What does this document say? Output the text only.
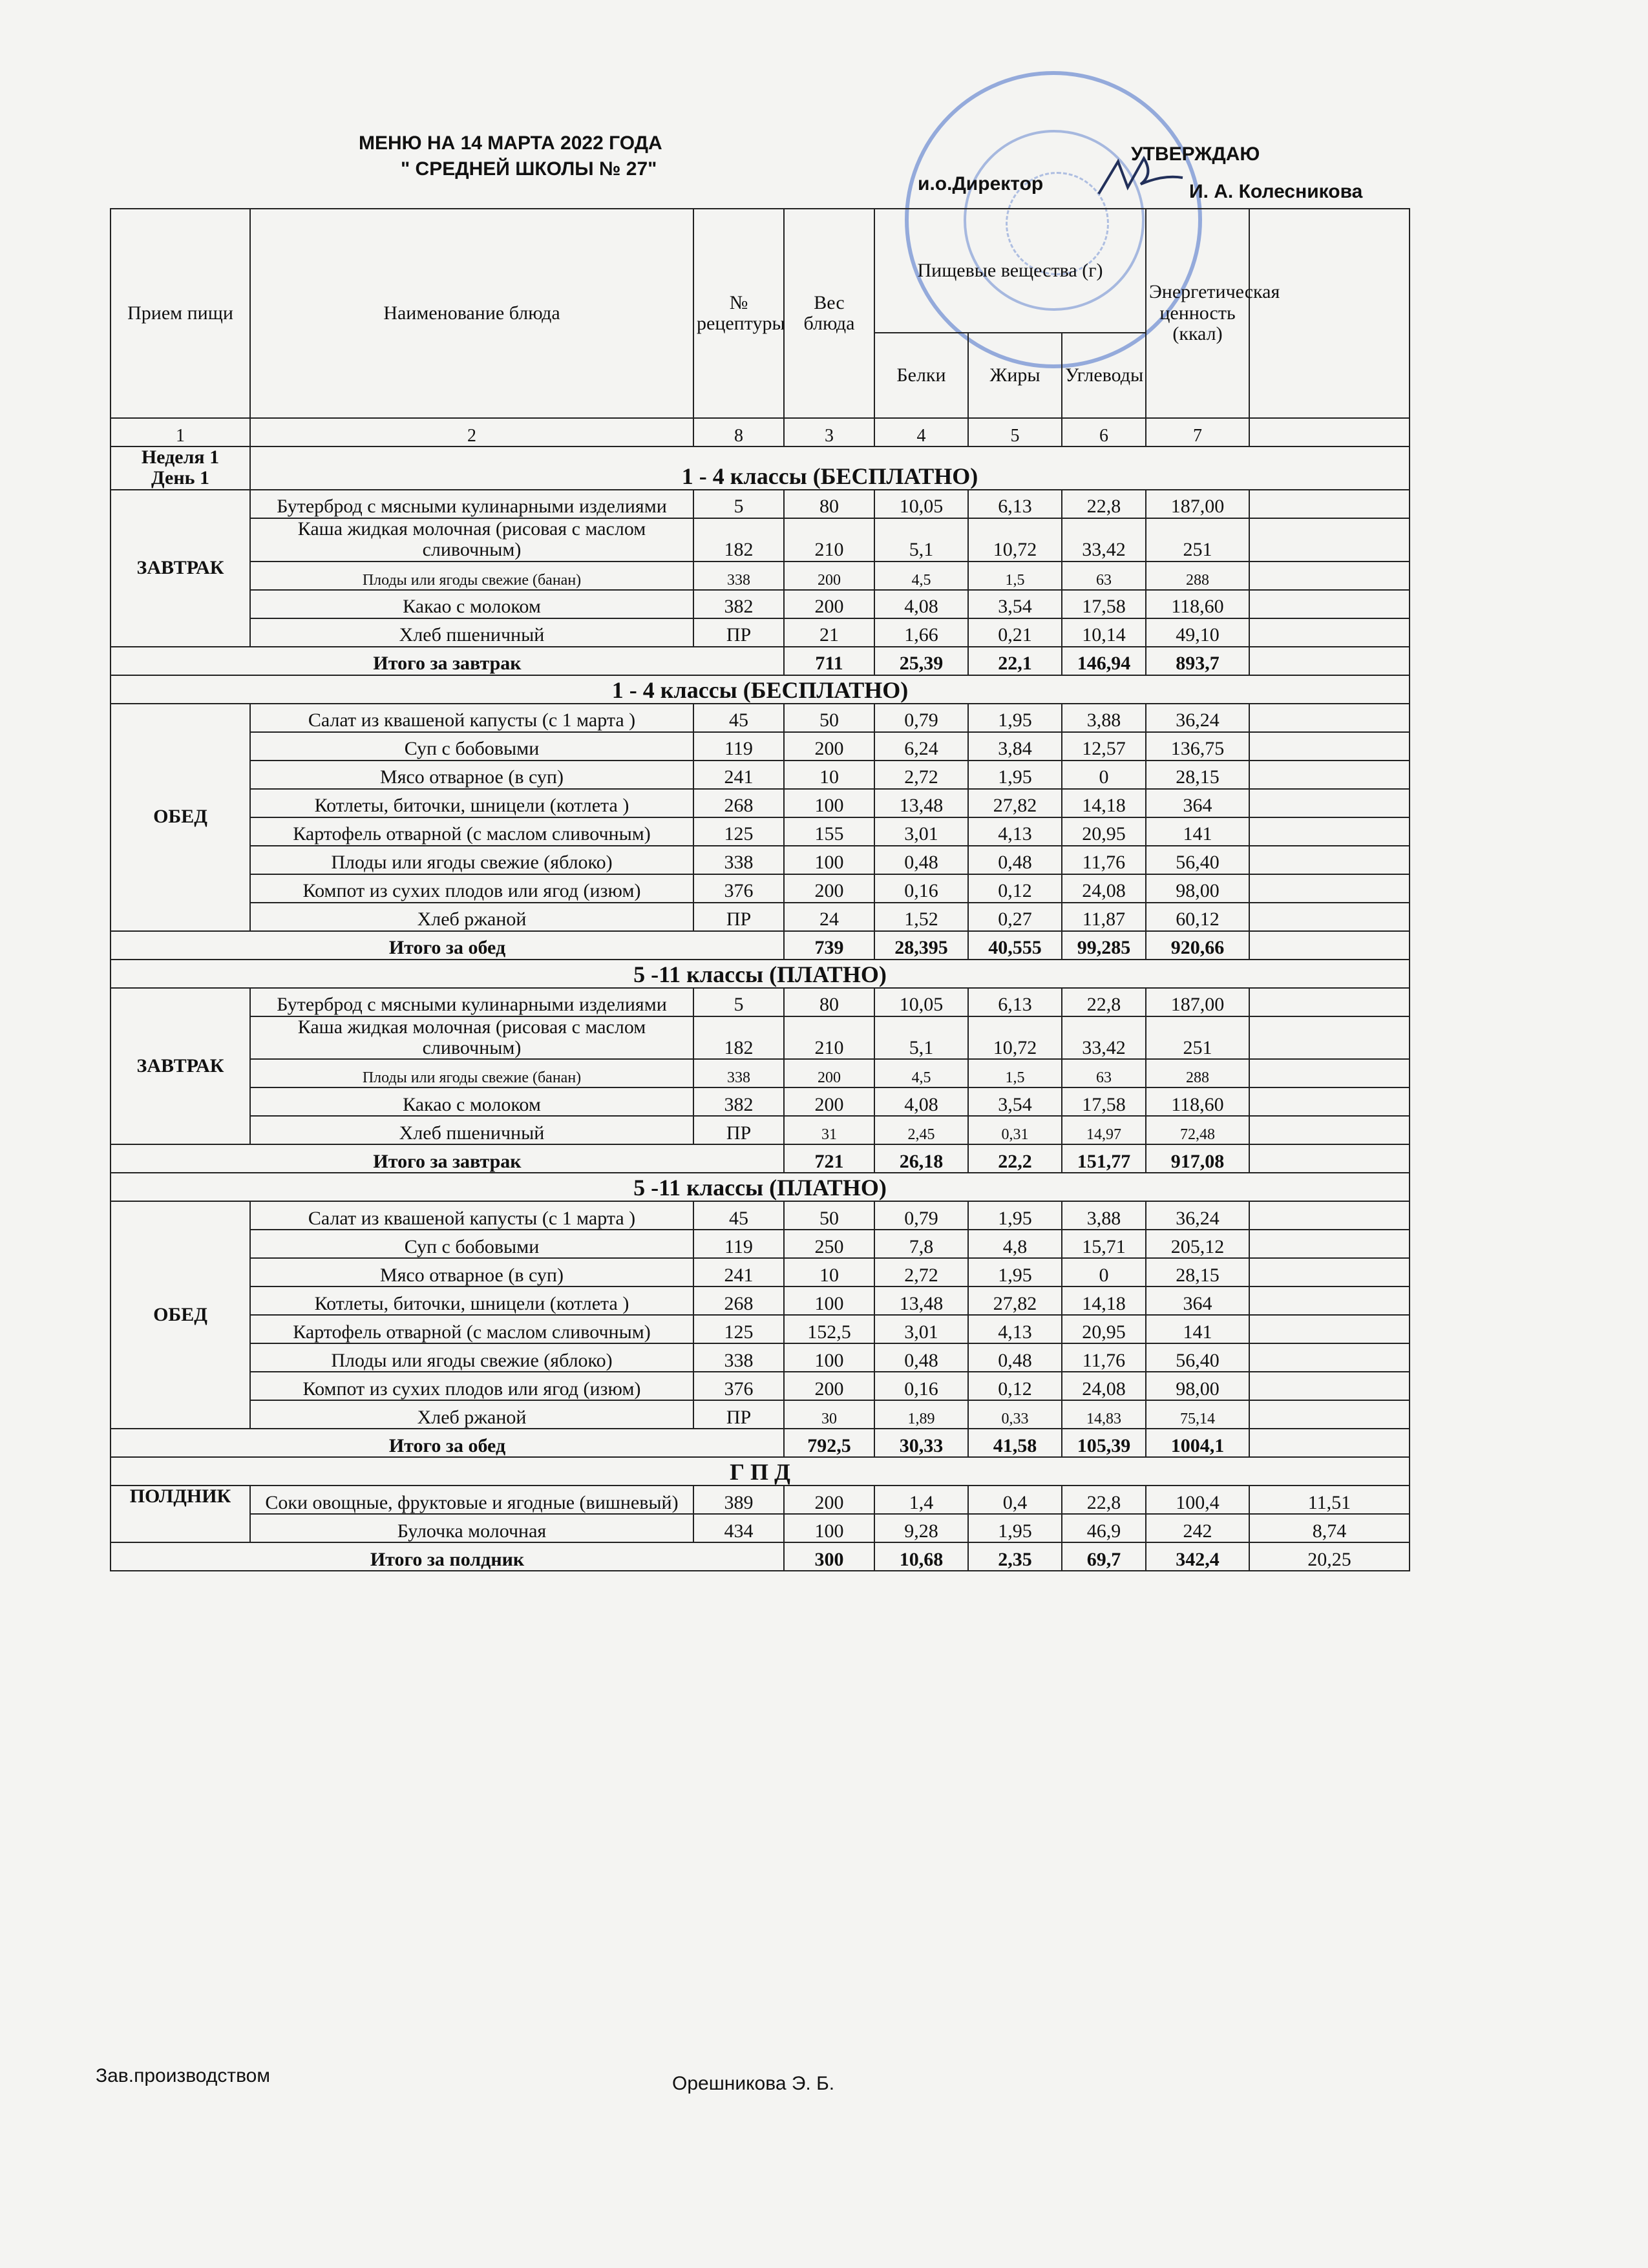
МЕНЮ НА 14 МАРТА 2022 ГОДА
" СРЕДНЕЙ ШКОЛЫ № 27"
УТВЕРЖДАЮ
и.о.Директор	И. А. Колесникова
Прием пищи	Наименование блюда	№ рецептуры	Вес блюда	Пищевые вещества (г)			Энергетическая ценность (ккал)	
				Белки	Жиры	Углеводы		
1	2	8	3	4	5	6	7	
Неделя 1
День 1	1 - 4 классы (БЕСПЛАТНО)							

ЗАВТРАК	Бутерброд с мясными кулинарными изделиями	5	80	10,05	6,13	22,8	187,00	
	Каша жидкая молочная (рисовая с маслом сливочным)	182	210	5,1	10,72	33,42	251	
	Плоды или ягоды свежие (банан)	338	200	4,5	1,5	63	288	
	Какао с молоком	382	200	4,08	3,54	17,58	118,60	
	Хлеб пшеничный	ПР	21	1,66	0,21	10,14	49,10	
Итого за завтрак			711	25,39	22,1	146,94	893,7	
1 - 4 классы (БЕСПЛАТНО)								
ОБЕД	Салат из квашеной капусты (с 1 марта )	45	50	0,79	1,95	3,88	36,24	
	Суп с бобовыми	119	200	6,24	3,84	12,57	136,75	
	Мясо отварное (в суп)	241	10	2,72	1,95	0	28,15	
	Котлеты, биточки, шницели (котлета )	268	100	13,48	27,82	14,18	364	
	Картофель отварной (с маслом сливочным)	125	155	3,01	4,13	20,95	141	
	Плоды или ягоды свежие (яблоко)	338	100	0,48	0,48	11,76	56,40	
	Компот из сухих плодов или ягод (изюм)	376	200	0,16	0,12	24,08	98,00	
	Хлеб ржаной	ПР	24	1,52	0,27	11,87	60,12	
Итого за обед			739	28,395	40,555	99,285	920,66	
5 -11 классы (ПЛАТНО)								
ЗАВТРАК	Бутерброд с мясными кулинарными изделиями	5	80	10,05	6,13	22,8	187,00	
	Каша жидкая молочная (рисовая с маслом сливочным)	182	210	5,1	10,72	33,42	251	
	Плоды или ягоды свежие (банан)	338	200	4,5	1,5	63	288	
	Какао с молоком	382	200	4,08	3,54	17,58	118,60	
	Хлеб пшеничный	ПР	31	2,45	0,31	14,97	72,48	
Итого за завтрак			721	26,18	22,2	151,77	917,08	
5 -11 классы (ПЛАТНО)								
ОБЕД	Салат из квашеной капусты (с 1 марта )	45	50	0,79	1,95	3,88	36,24	
	Суп с бобовыми	119	250	7,8	4,8	15,71	205,12	
	Мясо отварное (в суп)	241	10	2,72	1,95	0	28,15	
	Котлеты, биточки, шницели (котлета )	268	100	13,48	27,82	14,18	364	
	Картофель отварной (с маслом сливочным)	125	152,5	3,01	4,13	20,95	141	
	Плоды или ягоды свежие (яблоко)	338	100	0,48	0,48	11,76	56,40	
	Компот из сухих плодов или ягод (изюм)	376	200	0,16	0,12	24,08	98,00	
	Хлеб ржаной	ПР	30	1,89	0,33	14,83	75,14	
Итого за обед			792,5	30,33	41,58	105,39	1004,1	
Г П Д								
ПОЛДНИК	Соки овощные, фруктовые и ягодные (вишневый)	389	200	1,4	0,4	22,8	100,4	11,51
	Булочка молочная	434	100	9,28	1,95	46,9	242	8,74
Итого за полдник			300	10,68	2,35	69,7	342,4	20,25
Зав.производством	Орешникова Э. Б.
